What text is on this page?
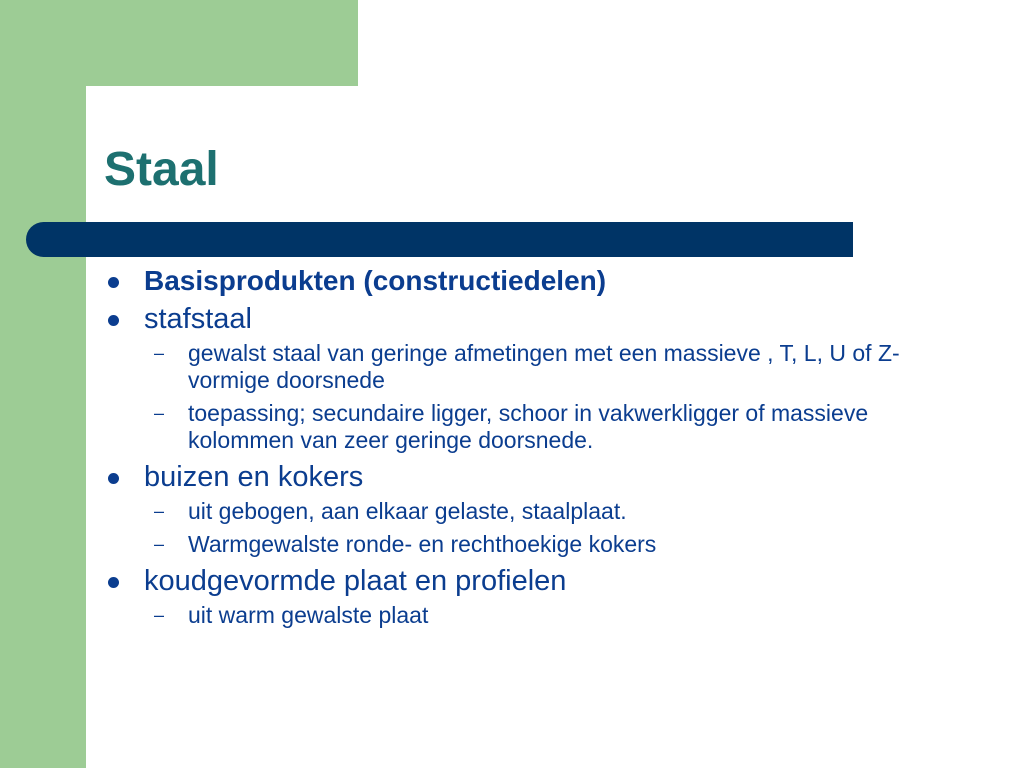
Staal
Basisprodukten (constructiedelen)
stafstaal
– gewalst staal van geringe afmetingen met een massieve , T, L, U of Z-vormige doorsnede
– toepassing; secundaire ligger, schoor in vakwerkligger of massieve kolommen van zeer geringe doorsnede.
buizen en kokers
– uit gebogen, aan elkaar gelaste, staalplaat.
– Warmgewalste ronde- en rechthoekige kokers
koudgevormde plaat en profielen
– uit warm gewalste plaat
